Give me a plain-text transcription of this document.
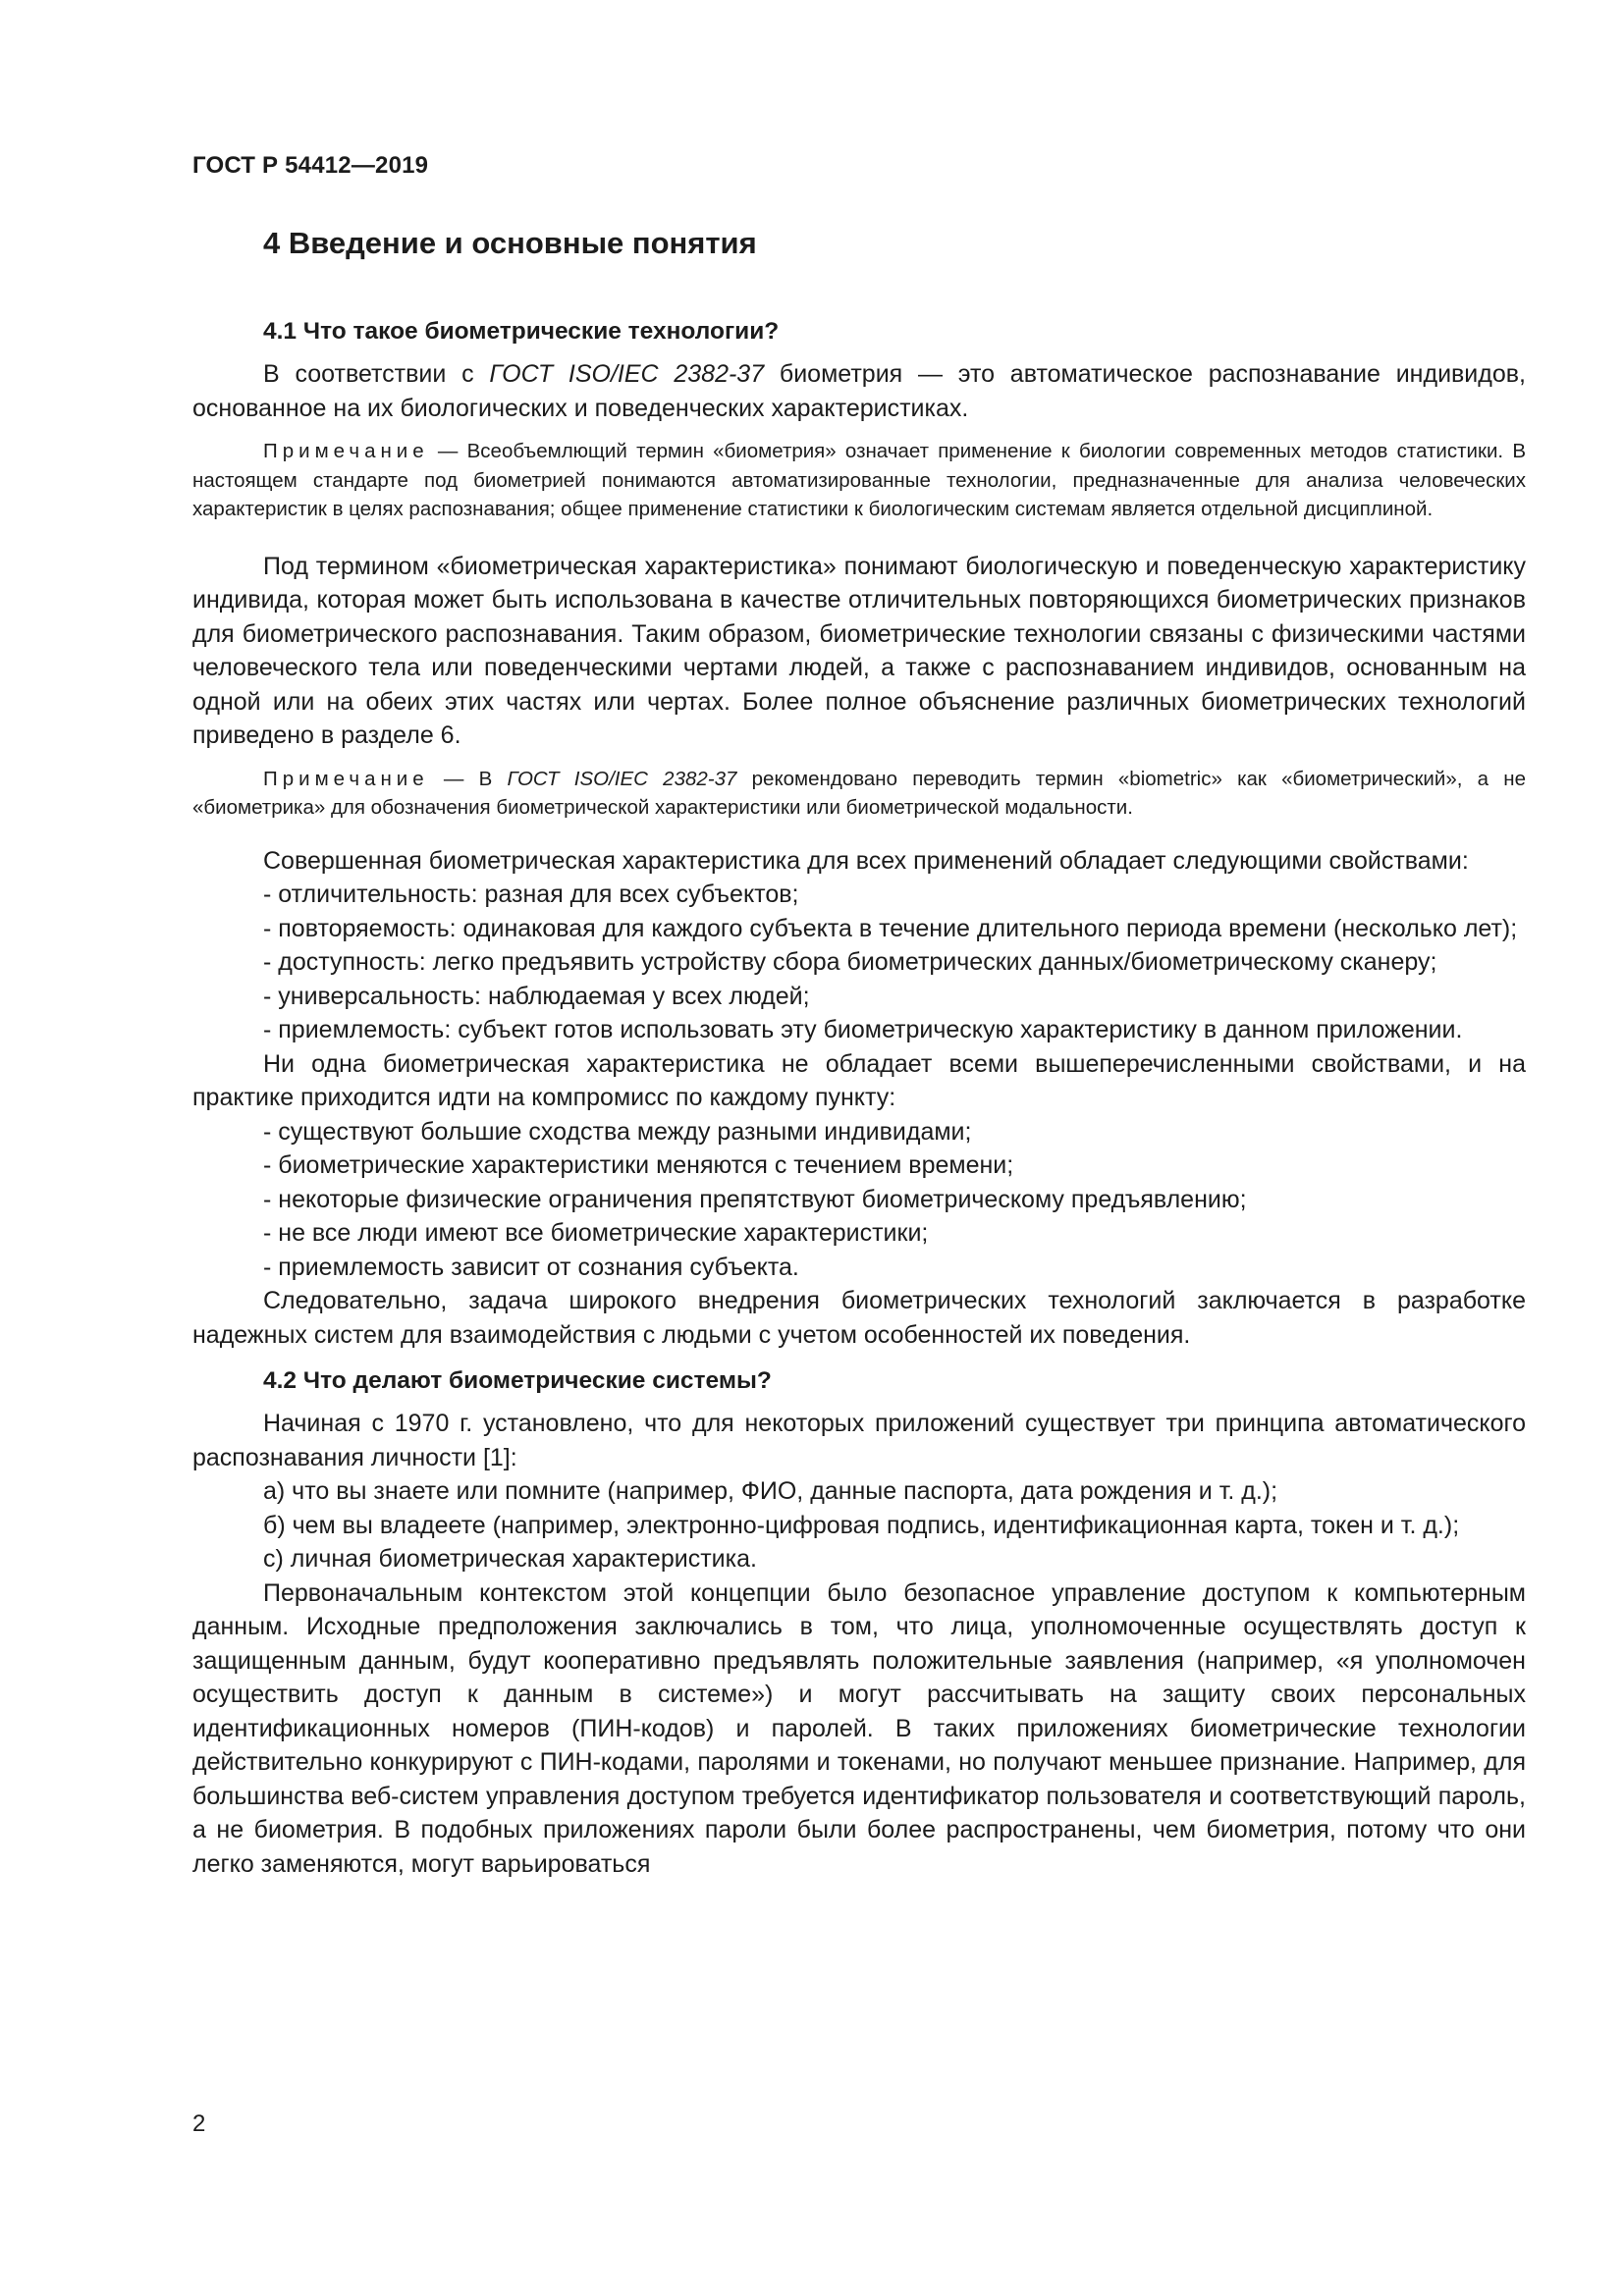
ГОСТ Р 54412—2019
4 Введение и основные понятия
4.1 Что такое биометрические технологии?

В соответствии с ГОСТ ISO/IEC 2382-37 биометрия — это автоматическое распознавание индивидов, основанное на их биологических и поведенческих характеристиках.

Примечание — Всеобъемлющий термин «биометрия» означает применение к биологии современных методов статистики. В настоящем стандарте под биометрией понимаются автоматизированные технологии, предназначенные для анализа человеческих характеристик в целях распознавания; общее применение статистики к биологическим системам является отдельной дисциплиной.

Под термином «биометрическая характеристика» понимают биологическую и поведенческую характеристику индивида, которая может быть использована в качестве отличительных повторяющихся биометрических признаков для биометрического распознавания. Таким образом, биометрические технологии связаны с физическими частями человеческого тела или поведенческими чертами людей, а также с распознаванием индивидов, основанным на одной или на обеих этих частях или чертах. Более полное объяснение различных биометрических технологий приведено в разделе 6.

Примечание — В ГОСТ ISO/IEC 2382-37 рекомендовано переводить термин «biometric» как «биометрический», а не «биометрика» для обозначения биометрической характеристики или биометрической модальности.

Совершенная биометрическая характеристика для всех применений обладает следующими свойствами:

- отличительность: разная для всех субъектов;

- повторяемость: одинаковая для каждого субъекта в течение длительного периода времени (несколько лет);

- доступность: легко предъявить устройству сбора биометрических данных/биометрическому сканеру;

- универсальность: наблюдаемая у всех людей;

- приемлемость: субъект готов использовать эту биометрическую характеристику в данном приложении.

Ни одна биометрическая характеристика не обладает всеми вышеперечисленными свойствами, и на практике приходится идти на компромисс по каждому пункту:

- существуют большие сходства между разными индивидами;

- биометрические характеристики меняются с течением времени;

- некоторые физические ограничения препятствуют биометрическому предъявлению;

- не все люди имеют все биометрические характеристики;

- приемлемость зависит от сознания субъекта.

Следовательно, задача широкого внедрения биометрических технологий заключается в разработке надежных систем для взаимодействия с людьми с учетом особенностей их поведения.

4.2 Что делают биометрические системы?

Начиная с 1970 г. установлено, что для некоторых приложений существует три принципа автоматического распознавания личности [1]:

а) что вы знаете или помните (например, ФИО, данные паспорта, дата рождения и т. д.);

б) чем вы владеете (например, электронно-цифровая подпись, идентификационная карта, токен и т. д.);

с) личная биометрическая характеристика.

Первоначальным контекстом этой концепции было безопасное управление доступом к компьютерным данным. Исходные предположения заключались в том, что лица, уполномоченные осуществлять доступ к защищенным данным, будут кооперативно предъявлять положительные заявления (например, «я уполномочен осуществить доступ к данным в системе») и могут рассчитывать на защиту своих персональных идентификационных номеров (ПИН-кодов) и паролей. В таких приложениях биометрические технологии действительно конкурируют с ПИН-кодами, паролями и токенами, но получают меньшее признание. Например, для большинства веб-систем управления доступом требуется идентификатор пользователя и соответствующий пароль, а не биометрия. В подобных приложениях пароли были более распространены, чем биометрия, потому что они легко заменяются, могут варьироваться

2
